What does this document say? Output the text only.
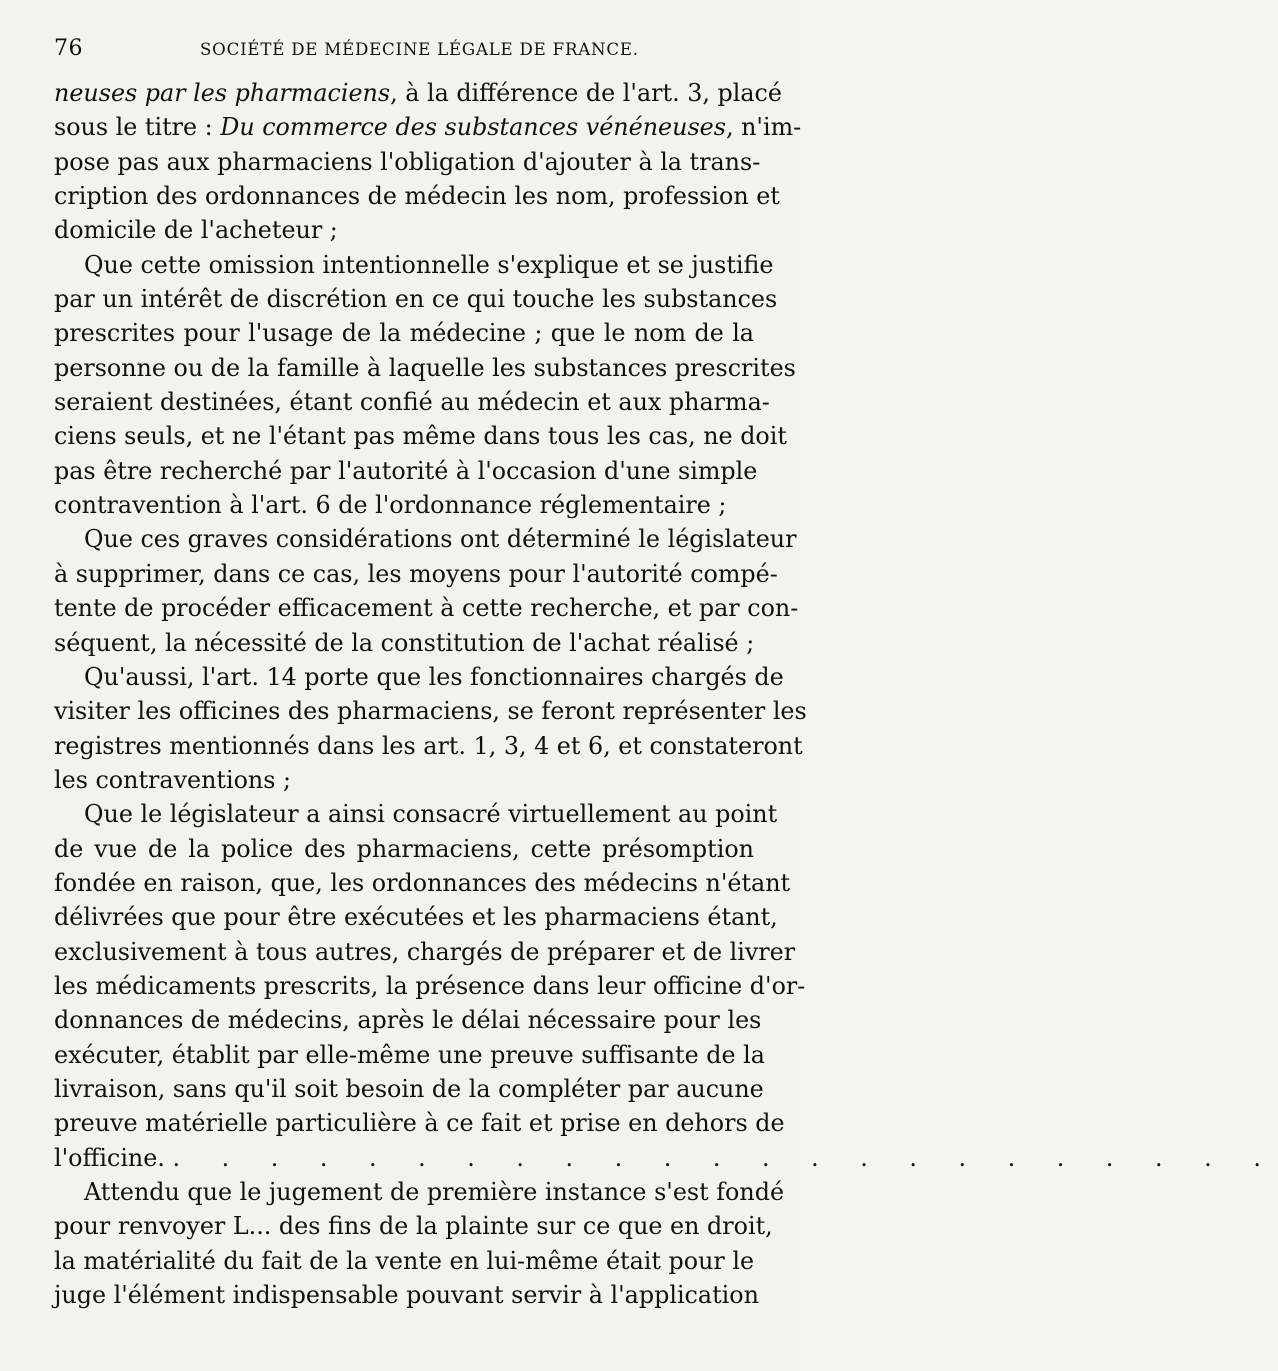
76	SOCIÉTÉ DE MÉDECINE LÉGALE DE FRANCE.
neuses par les pharmaciens, à la différence de l'art. 3, placé
sous le titre : Du commerce des substances vénéneuses, n'im-
pose pas aux pharmaciens l'obligation d'ajouter à la trans-
cription des ordonnances de médecin les nom, profession et
domicile de l'acheteur ;
Que cette omission intentionnelle s'explique et se justifie
par un intérêt de discrétion en ce qui touche les substances
prescrites pour l'usage de la médecine ; que le nom de la
personne ou de la famille à laquelle les substances prescrites
seraient destinées, étant confié au médecin et aux pharma-
ciens seuls, et ne l'étant pas même dans tous les cas, ne doit
pas être recherché par l'autorité à l'occasion d'une simple
contravention à l'art. 6 de l'ordonnance réglementaire ;
Que ces graves considérations ont déterminé le législateur
à supprimer, dans ce cas, les moyens pour l'autorité compé-
tente de procéder efficacement à cette recherche, et par con-
séquent, la nécessité de la constitution de l'achat réalisé ;
Qu'aussi, l'art. 14 porte que les fonctionnaires chargés de
visiter les officines des pharmaciens, se feront représenter les
registres mentionnés dans les art. 1, 3, 4 et 6, et constateront
les contraventions ;
Que le législateur a ainsi consacré virtuellement au point
de vue de la police des pharmaciens, cette présomption
fondée en raison, que, les ordonnances des médecins n'étant
délivrées que pour être exécutées et les pharmaciens étant,
exclusivement à tous autres, chargés de préparer et de livrer
les médicaments prescrits, la présence dans leur officine d'or-
donnances de médecins, après le délai nécessaire pour les
exécuter, établit par elle-même une preuve suffisante de la
livraison, sans qu'il soit besoin de la compléter par aucune
preuve matérielle particulière à ce fait et prise en dehors de
l'officine. . . . . . . . . . . . . . . . . . . . . . . .
Attendu que le jugement de première instance s'est fondé
pour renvoyer L... des fins de la plainte sur ce que en droit,
la matérialité du fait de la vente en lui-même était pour le
juge l'élément indispensable pouvant servir à l'application
